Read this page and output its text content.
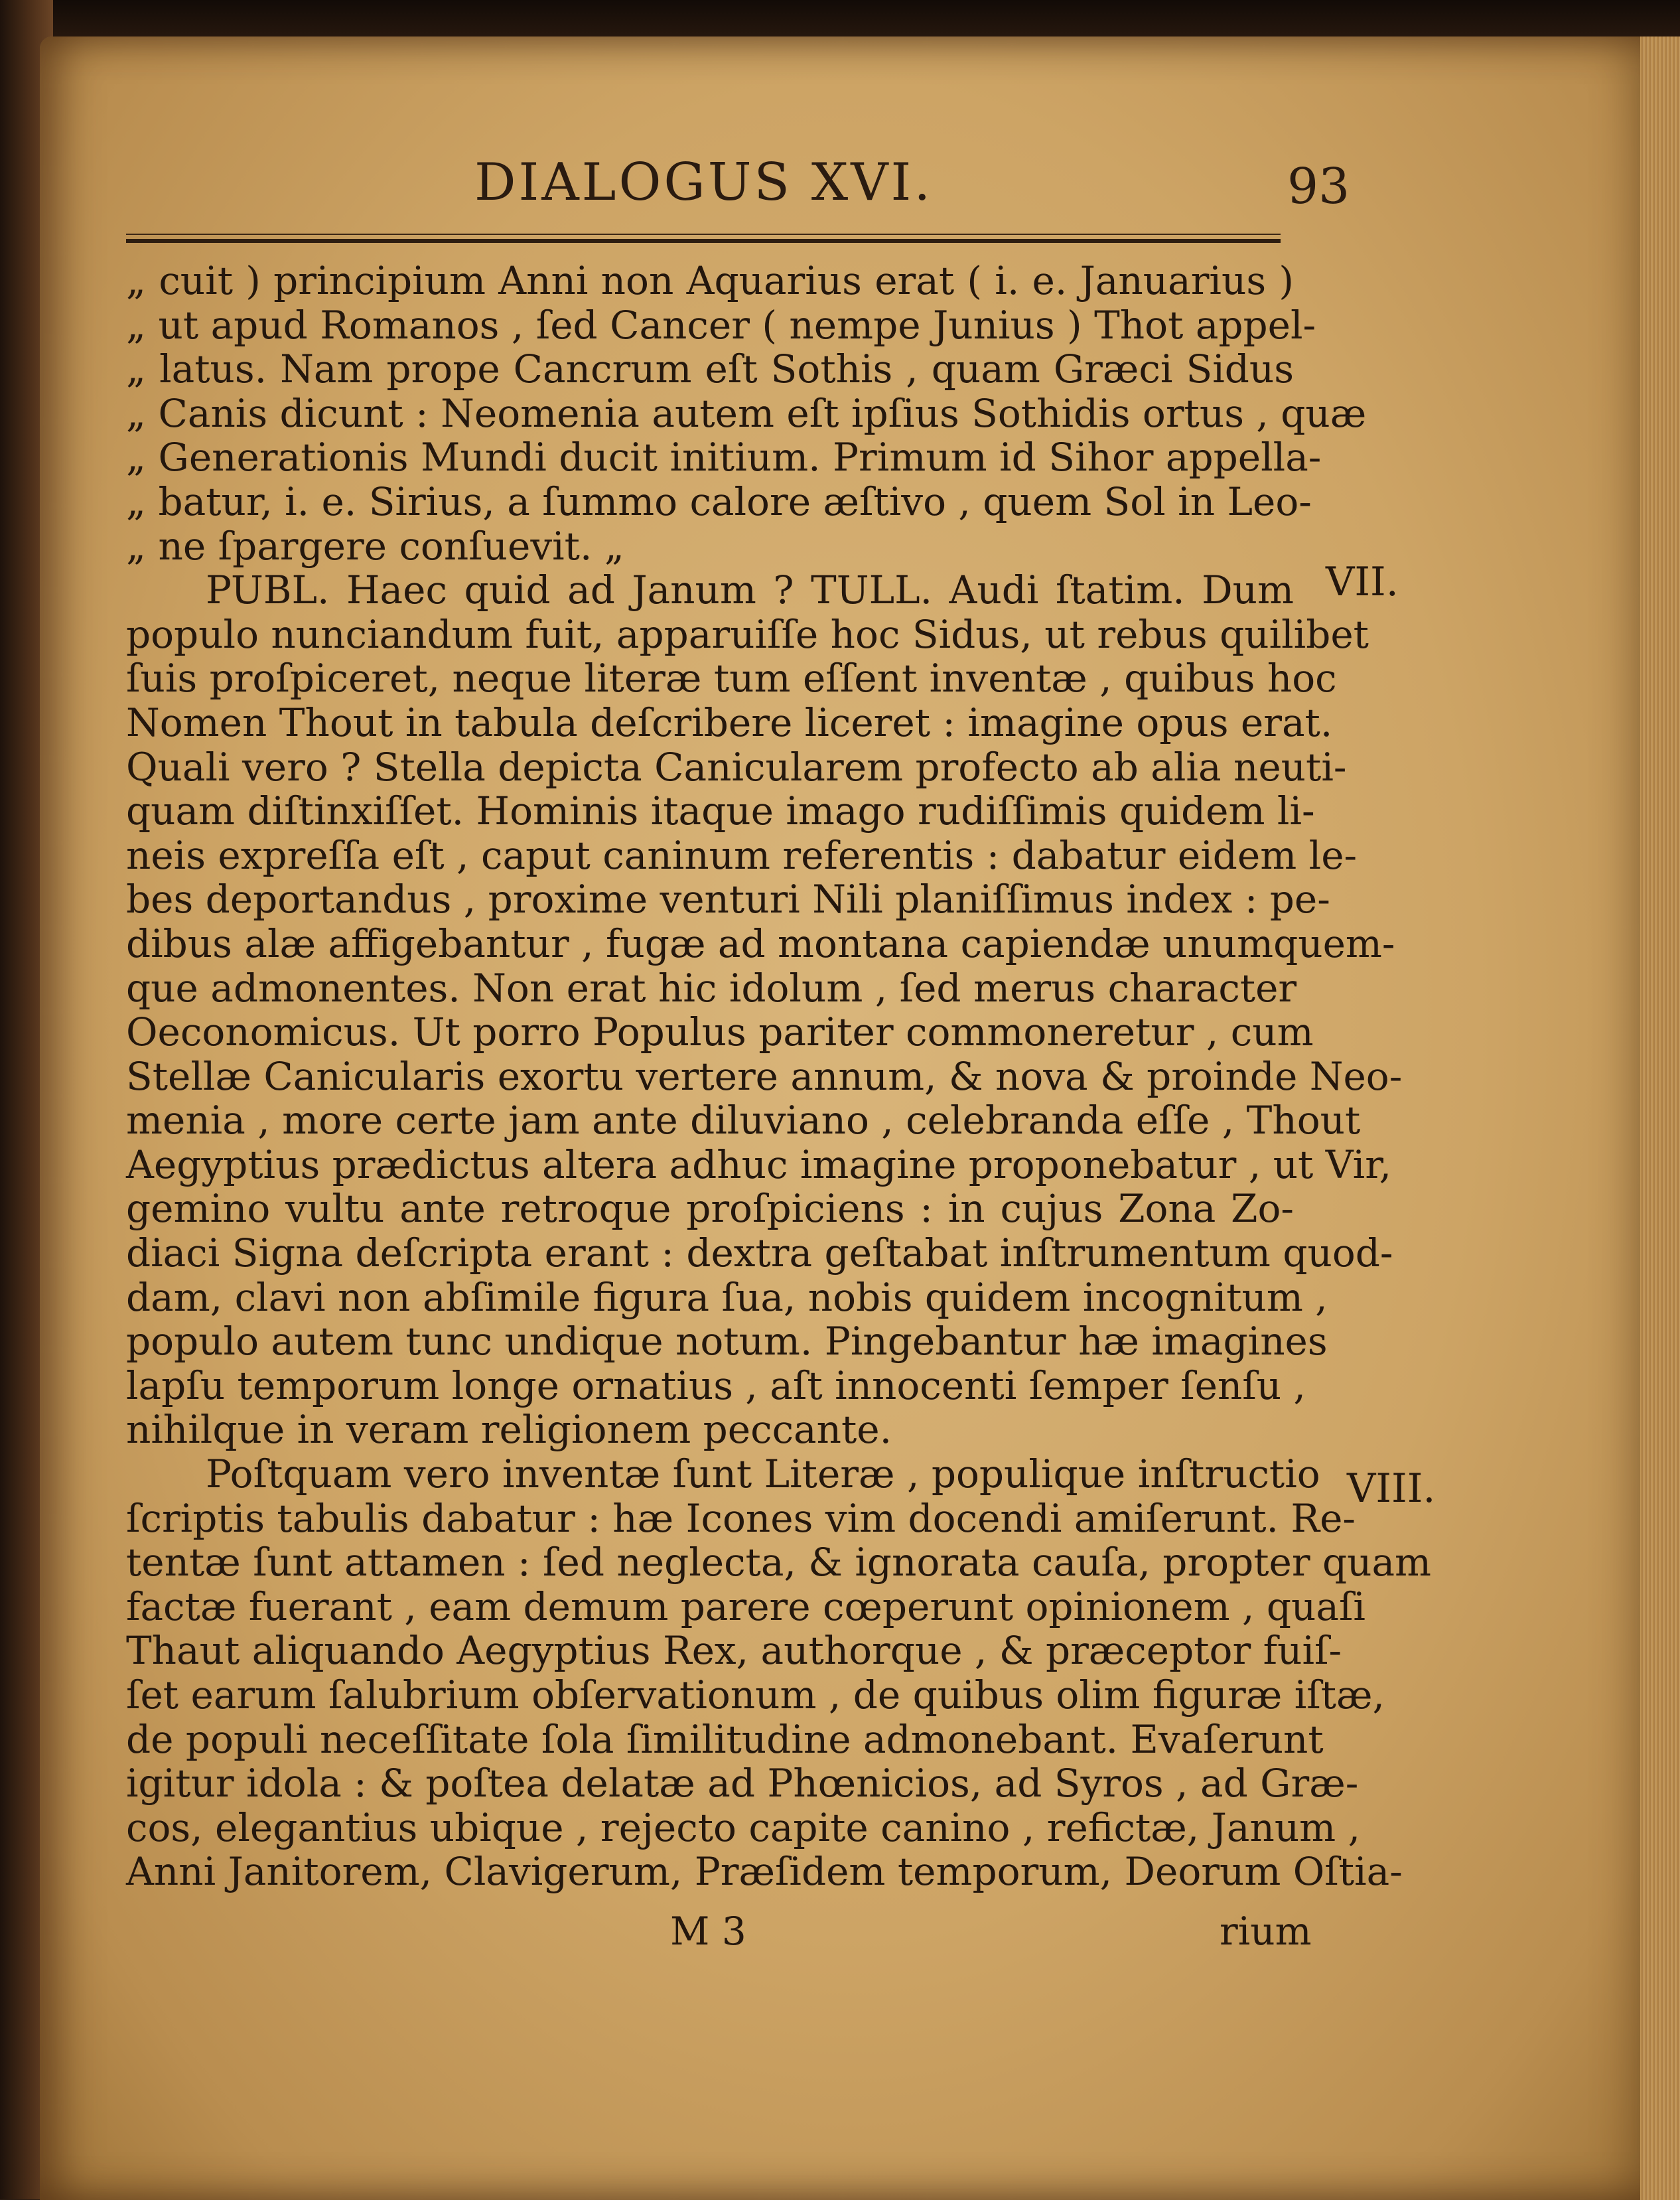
DIALOGUS XVI.	93
„ cuit ) principium Anni non Aquarius erat ( i. e. Januarius )
„ ut apud Romanos , ſed Cancer ( nempe Junius ) Thot appel-
„ latus. Nam prope Cancrum eſt Sothis , quam Græci Sidus
„ Canis dicunt : Neomenia autem eſt ipſius Sothidis ortus , quæ
„ Generationis Mundi ducit initium. Primum id Sihor appella-
„ batur, i. e. Sirius, a ſummo calore æſtivo , quem Sol in Leo-
„ ne ſpargere conſuevit. „
PUBL. Haec quid ad Janum ? TULL. Audi ſtatim. Dum
populo nunciandum fuit, apparuiſſe hoc Sidus, ut rebus quilibet
ſuis proſpiceret, neque literæ tum eſſent inventæ , quibus hoc
Nomen Thout in tabula deſcribere liceret : imagine opus erat.
Quali vero ? Stella depicta Canicularem profecto ab alia neuti-
quam diſtinxiſſet. Hominis itaque imago rudiſſimis quidem li-
neis expreſſa eſt , caput caninum referentis : dabatur eidem le-
bes deportandus , proxime venturi Nili planiſſimus index : pe-
dibus alæ affigebantur , fugæ ad montana capiendæ unumquem-
que admonentes. Non erat hic idolum , ſed merus character
Oeconomicus. Ut porro Populus pariter commoneretur , cum
Stellæ Canicularis exortu vertere annum, & nova & proinde Neo-
menia , more certe jam ante diluviano , celebranda eſſe , Thout
Aegyptius prædictus altera adhuc imagine proponebatur , ut Vir,
gemino vultu ante retroque proſpiciens : in cujus Zona Zo-
diaci Signa deſcripta erant : dextra geſtabat inſtrumentum quod-
dam, clavi non abſimile figura ſua, nobis quidem incognitum ,
populo autem tunc undique notum. Pingebantur hæ imagines
lapſu temporum longe ornatius , aſt innocenti ſemper ſenſu ,
nihilque in veram religionem peccante.
Poſtquam vero inventæ ſunt Literæ , populique inſtructio
ſcriptis tabulis dabatur : hæ Icones vim docendi amiſerunt. Re-
tentæ ſunt attamen : ſed neglecta, & ignorata cauſa, propter quam
factæ fuerant , eam demum parere cœperunt opinionem , quaſi
Thaut aliquando Aegyptius Rex, authorque , & præceptor fuiſ-
ſet earum ſalubrium obſervationum , de quibus olim figuræ iſtæ,
de populi neceſſitate ſola ſimilitudine admonebant. Evaſerunt
igitur idola : & poſtea delatæ ad Phœnicios, ad Syros , ad Græ-
cos, elegantius ubique , rejecto capite canino , refictæ, Janum ,
Anni Janitorem, Clavigerum, Præſidem temporum, Deorum Oſtia-
VII.
VIII.
M 3	rium
